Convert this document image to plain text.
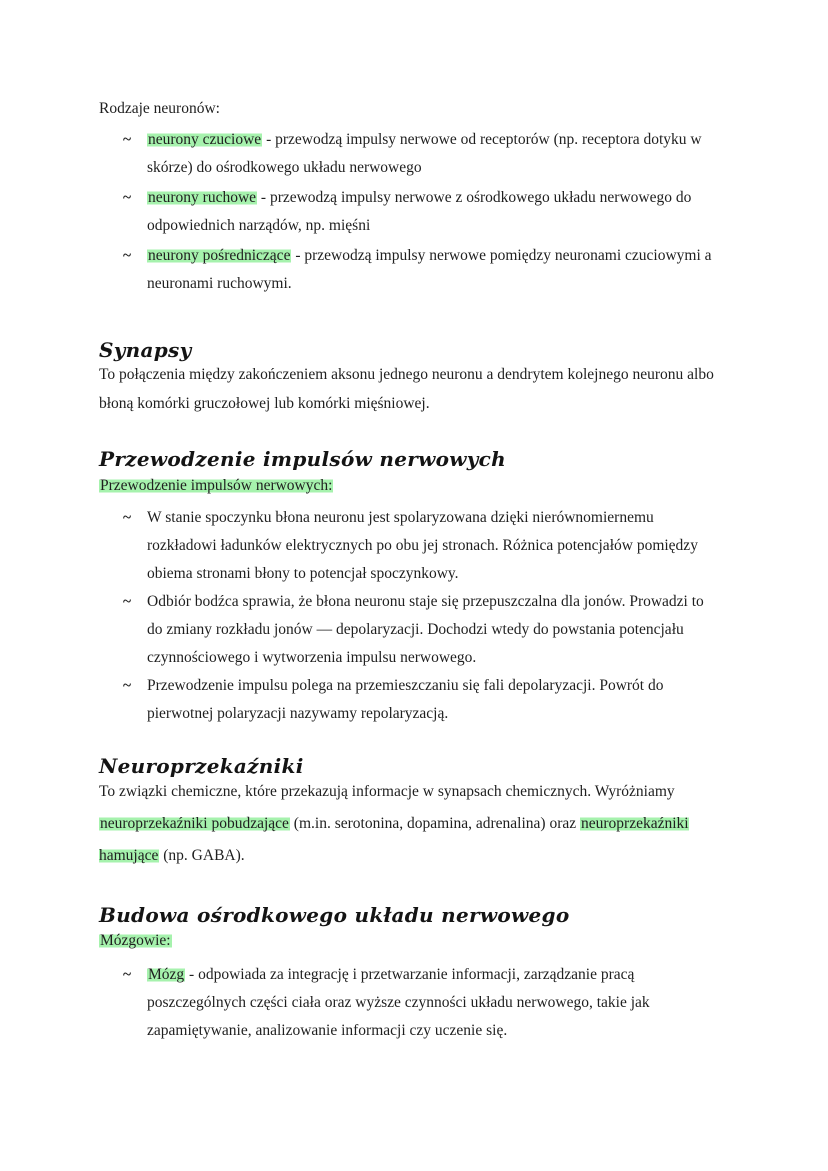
Rodzaje neuronów:

~ neurony czuciowe - przewodzą impulsy nerwowe od receptorów (np. receptora dotyku w skórze) do ośrodkowego układu nerwowego
~ neurony ruchowe - przewodzą impulsy nerwowe z ośrodkowego układu nerwowego do odpowiednich narządów, np. mięśni
~ neurony pośredniczące - przewodzą impulsy nerwowe pomiędzy neuronami czuciowymi a neuronami ruchowymi.
Synapsy

To połączenia między zakończeniem aksonu jednego neuronu a dendrytem kolejnego neuronu albo błoną komórki gruczołowej lub komórki mięśniowej.

Przewodzenie impulsów nerwowych

Przewodzenie impulsów nerwowych:

~ W stanie spoczynku błona neuronu jest spolaryzowana dzięki nierównomiernemu rozkładowi ładunków elektrycznych po obu jej stronach. Różnica potencjałów pomiędzy obiema stronami błony to potencjał spoczynkowy.
~ Odbiór bodźca sprawia, że błona neuronu staje się przepuszczalna dla jonów. Prowadzi to do zmiany rozkładu jonów — depolaryzacji. Dochodzi wtedy do powstania potencjału czynnościowego i wytworzenia impulsu nerwowego.
~ Przewodzenie impulsu polega na przemieszczaniu się fali depolaryzacji. Powrót do pierwotnej polaryzacji nazywamy repolaryzacją.
Neuroprzekaźniki

To związki chemiczne, które przekazują informacje w synapsach chemicznych. Wyróżniamy neuroprzekaźniki pobudzające (m.in. serotonina, dopamina, adrenalina) oraz neuroprzekaźniki hamujące (np. GABA).

Budowa ośrodkowego układu nerwowego

Mózgowie:

~ Mózg - odpowiada za integrację i przetwarzanie informacji, zarządzanie pracą poszczególnych części ciała oraz wyższe czynności układu nerwowego, takie jak zapamiętywanie, analizowanie informacji czy uczenie się.
